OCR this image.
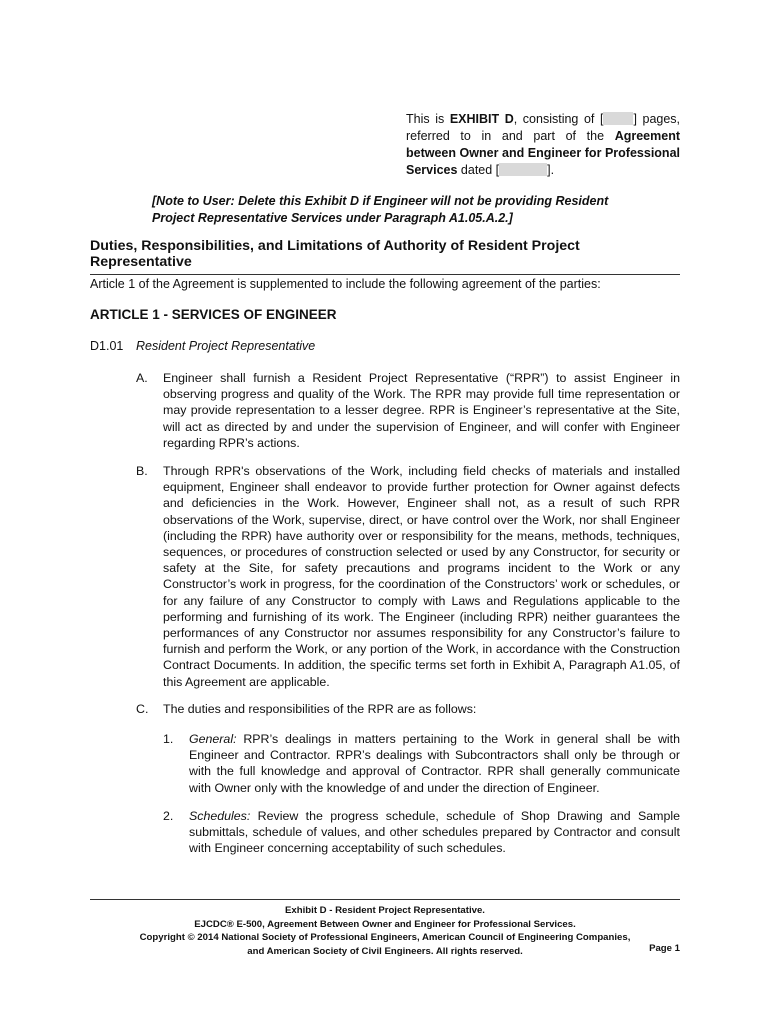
This is EXHIBIT D, consisting of [ ] pages, referred to in and part of the Agreement between Owner and Engineer for Professional Services dated [	].
[Note to User: Delete this Exhibit D if Engineer will not be providing Resident Project Representative Services under Paragraph A1.05.A.2.]
Duties, Responsibilities, and Limitations of Authority of Resident Project Representative
Article 1 of the Agreement is supplemented to include the following agreement of the parties:
ARTICLE 1 - SERVICES OF ENGINEER
D1.01 Resident Project Representative
A. Engineer shall furnish a Resident Project Representative (“RPR”) to assist Engineer in observing progress and quality of the Work. The RPR may provide full time representation or may provide representation to a lesser degree. RPR is Engineer’s representative at the Site, will act as directed by and under the supervision of Engineer, and will confer with Engineer regarding RPR’s actions.
B. Through RPR's observations of the Work, including field checks of materials and installed equipment, Engineer shall endeavor to provide further protection for Owner against defects and deficiencies in the Work. However, Engineer shall not, as a result of such RPR observations of the Work, supervise, direct, or have control over the Work, nor shall Engineer (including the RPR) have authority over or responsibility for the means, methods, techniques, sequences, or procedures of construction selected or used by any Constructor, for security or safety at the Site, for safety precautions and programs incident to the Work or any Constructor’s work in progress, for the coordination of the Constructors’ work or schedules, or for any failure of any Constructor to comply with Laws and Regulations applicable to the performing and furnishing of its work. The Engineer (including RPR) neither guarantees the performances of any Constructor nor assumes responsibility for any Constructor’s failure to furnish and perform the Work, or any portion of the Work, in accordance with the Construction Contract Documents. In addition, the specific terms set forth in Exhibit A, Paragraph A1.05, of this Agreement are applicable.
C. The duties and responsibilities of the RPR are as follows:
1. General: RPR’s dealings in matters pertaining to the Work in general shall be with Engineer and Contractor. RPR’s dealings with Subcontractors shall only be through or with the full knowledge and approval of Contractor. RPR shall generally communicate with Owner only with the knowledge of and under the direction of Engineer.
2. Schedules: Review the progress schedule, schedule of Shop Drawing and Sample submittals, schedule of values, and other schedules prepared by Contractor and consult with Engineer concerning acceptability of such schedules.
Exhibit D - Resident Project Representative.
EJCDC® E-500, Agreement Between Owner and Engineer for Professional Services.
Copyright © 2014 National Society of Professional Engineers, American Council of Engineering Companies,
and American Society of Civil Engineers. All rights reserved.	Page 1
